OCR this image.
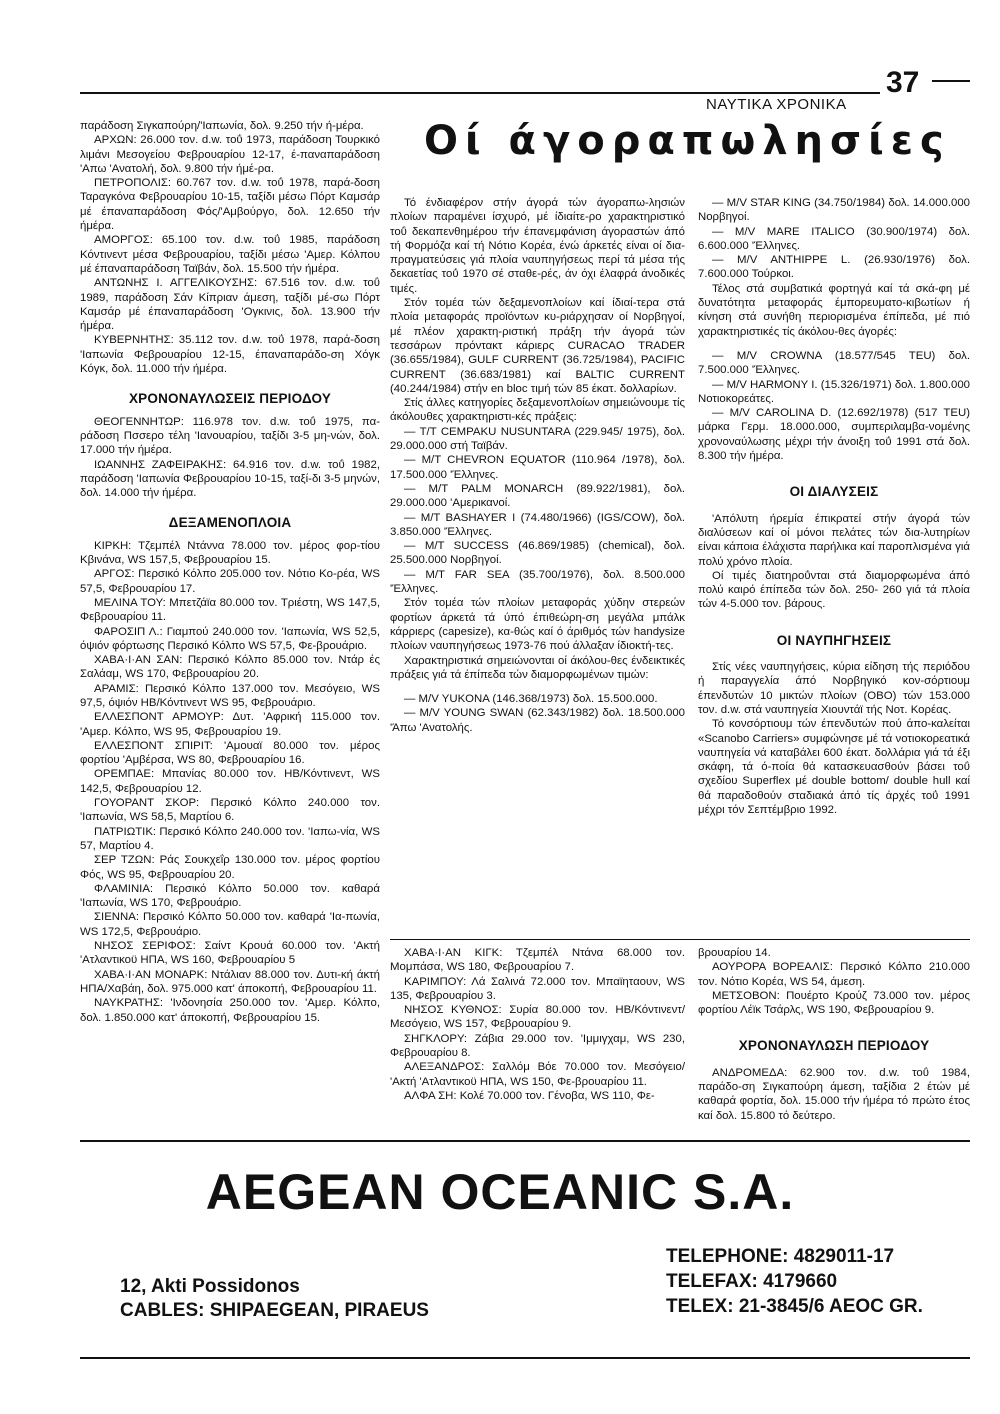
ΝΑΥΤΙΚΑ ΧΡΟΝΙΚΑ
37
Οί άγοραπωλησίες

παράδοση Σιγκαπούρη/'Ιαπωνία, δολ. 9.250 τήν ή-μέρα.

ΑΡΧΩΝ: 26.000 τον. d.w. τοΰ 1973, παράδοση Τουρκικό λιμάνι Μεσογείου Φεβρουαρίου 12-17, έ-παναπαράδοση 'Απω 'Ανατολή, δολ. 9.800 τήν ήμέ-ρα.

ΠΕΤΡΟΠΟΛΙΣ: 60.767 τον. d.w. τοΰ 1978, παρά-δοση Ταραγκόνα Φεβρουαρίου 10-15, ταξίδι μέσω Πόρτ Καμσάρ μέ έπαναπαράδοση Φός/'Αμβούργο, δολ. 12.650 τήν ήμέρα.

ΑΜΟΡΓΟΣ: 65.100 τον. d.w. τοΰ 1985, παράδοση Κόντινεντ μέσα Φεβρουαρίου, ταξίδι μέσω 'Αμερ. Κόλπου μέ έπαναπαράδοση Ταϊβάν, δολ. 15.500 τήν ήμέρα.

ΑΝΤΩΝΗΣ Ι. ΑΓΓΕΛΙΚΟΥΣΗΣ: 67.516 τον. d.w. τοΰ 1989, παράδοση Σάν Κίπριαν άμεση, ταξίδι μέ-σω Πόρτ Καμσάρ μέ έπαναπαράδοση 'Ογκινις, δολ. 13.900 τήν ήμέρα.

ΚΥΒΕΡΝΗΤΗΣ: 35.112 τον. d.w. τοΰ 1978, παρά-δοση 'Ιαπωνία Φεβρουαρίου 12-15, έπαναπαράδο-ση Χόγκ Κόγκ, δολ. 11.000 τήν ήμέρα.

ΧΡΟΝΟΝΑΥΛΩΣΕΙΣ ΠΕΡΙΟΔΟΥ

ΘΕΟΓΕΝΝΗΤΩΡ: 116.978 τον. d.w. τοΰ 1975, πα-ράδοση Πσσερο τέλη 'Ιανουαρίου, ταξίδι 3-5 μη-νών, δολ. 17.000 τήν ήμέρα.

ΙΩΑΝΝΗΣ ΖΑΦΕΙΡΑΚΗΣ: 64.916 τον. d.w. τοΰ 1982, παράδοση 'Ιαπωνία Φεβρουαρίου 10-15, ταξί-δι 3-5 μηνών, δολ. 14.000 τήν ήμέρα.

ΔΕΞΑΜΕΝΟΠΛΟΙΑ

ΚΙΡΚΗ: Τζεμπέλ Ντάννα 78.000 τον. μέρος φορ-τίου Κβινάνα, WS 157,5, Φεβρουαρίου 15.

ΑΡΓΟΣ: Περσικό Κόλπο 205.000 τον. Νότιο Κο-ρέα, WS 57,5, Φεβρουαρίου 17.

ΜΕΛΙΝΑ ΤΟΥ: Μπετζάϊα 80.000 τον. Τριέστη, WS 147,5, Φεβρουαρίου 11.

ΦΑΡΟΣΙΠ Λ.: Γιαμπού 240.000 τον. 'Ιαπωνία, WS 52,5, όψιόν φόρτωσης Περσικό Κόλπο WS 57,5, Φε-βρουάριο.

ΧΑΒΑ·Ι·ΑΝ ΣΑΝ: Περσικό Κόλπο 85.000 τον. Ντάρ ές Σαλάαμ, WS 170, Φεβρουαρίου 20.

ΑΡΑΜΙΣ: Περσικό Κόλπο 137.000 τον. Μεσόγειο, WS 97,5, όψιόν ΗΒ/Κόντινεντ WS 95, Φεβρουάριο.

ΕΛΛΕΣΠΟΝΤ ΑΡΜΟΥΡ: Δυτ. 'Αφρική 115.000 τον. 'Αμερ. Κόλπο, WS 95, Φεβρουαρίου 19.

ΕΛΛΕΣΠΟΝΤ ΣΠΙΡΙΤ: 'Αμουαϊ 80.000 τον. μέρος φορτίου 'Αμβέρσα, WS 80, Φεβρουαρίου 16.

ΟΡΕΜΠΑΕ: Μπανίας 80.000 τον. ΗΒ/Κόντινεντ, WS 142,5, Φεβρουαρίου 12.

ΓΟΥΟΡΑΝΤ ΣΚΟΡ: Περσικό Κόλπο 240.000 τον. 'Ιαπωνία, WS 58,5, Μαρτίου 6.

ΠΑΤΡΙΩΤΙΚ: Περσικό Κόλπο 240.000 τον. 'Ιαπω-νία, WS 57, Μαρτίου 4.

ΣΕΡ ΤΖΩΝ: Ράς Σουκχεΐρ 130.000 τον. μέρος φορτίου Φός, WS 95, Φεβρουαρίου 20.

ΦΛΑΜΙΝΙΑ: Περσικό Κόλπο 50.000 τον. καθαρά 'Ιαπωνία, WS 170, Φεβρουάριο.

ΣΙΕΝΝΑ: Περσικό Κόλπο 50.000 τον. καθαρά 'Ια-πωνία, WS 172,5, Φεβρουάριο.

ΝΗΣΟΣ ΣΕΡΙΦΟΣ: Σαίντ Κρουά 60.000 τον. 'Ακτή 'Ατλαντικοϋ ΗΠΑ, WS 160, Φεβρουαρίου 5

ΧΑΒΑ·Ι·ΑΝ ΜΟΝΑΡΚ: Ντάλιαν 88.000 τον. Δυτι-κή άκτή ΗΠΑ/Χαβάη, δολ. 975.000 κατ' άποκοπή, Φεβρουαρίου 11.

ΝΑΥΚΡΑΤΗΣ: 'Ινδονησία 250.000 τον. 'Αμερ. Κόλπο, δολ. 1.850.000 κατ' άποκοπή, Φεβρουαρίου 15.

Τό ένδιαφέρον στήν άγορά τών άγοραπω-λησιών πλοίων παραμένει ίσχυρό, μέ ίδιαίτε-ρο χαρακτηριστικό τοΰ δεκαπενθημέρου τήν έπανεμφάνιση άγοραστών άπό τή Φορμόζα καί τή Νότιο Κορέα, ένώ άρκετές είναι οί δια-πραγματεύσεις γιά πλοία ναυπηγήσεως περί τά μέσα τής δεκαετίας τοΰ 1970 σέ σταθε-ρές, άν όχι έλαφρά άνοδικές τιμές.

Στόν τομέα τών δεξαμενοπλοίων καί ίδιαί-τερα στά πλοία μεταφοράς προϊόντων κυ-ριάρχησαν οί Νορβηγοί, μέ πλέον χαρακτη-ριστική πράξη τήν άγορά τών τεσσάρων πρόντακτ κάριερς CURACAO TRADER (36.655/1984), GULF CURRENT (36.725/1984), PACIFIC CURRENT (36.683/1981) καί BALTIC CURRENT (40.244/1984) στήν en bloc τιμή τών 85 έκατ. δολλαρίων.

Στίς άλλες κατηγορίες δεξαμενοπλοίων σημειώνουμε τίς άκόλουθες χαρακτηριστι-κές πράξεις:

— Τ/Τ CEMPAKU NUSUNTARA (229.945/ 1975), δολ. 29.000.000 στή Ταϊβάν.

— Μ/Τ CHEVRON EQUATOR (110.964 /1978), δολ. 17.500.000 'Έλληνες.

— Μ/Τ PALM MONARCH (89.922/1981), δολ. 29.000.000 'Αμερικανοί.

— Μ/Τ BASHAYER I (74.480/1966) (IGS/COW), δολ. 3.850.000 'Έλληνες.

— Μ/Τ SUCCESS (46.869/1985) (chemical), δολ. 25.500.000 Νορβηγοί.

— Μ/Τ FAR SEA (35.700/1976), δολ. 8.500.000 'Έλληνες.

Στόν τομέα τών πλοίων μεταφοράς χύδην στερεών φορτίων άρκετά τά ύπό έπιθεώρη-ση μεγάλα μπάλκ κάρριερς (capesize), κα-θώς καί ό άριθμός τών handysize πλοίων ναυπηγήσεως 1973-76 πού άλλαξαν ίδιοκτή-τες.

Χαρακτηριστικά σημειώνονται οί άκόλου-θες ένδεικτικές πράξεις γιά τά έπίπεδα τών διαμορφωμένων τιμών:

— Μ/V YUKONA (146.368/1973) δολ. 15.500.000.

— Μ/V YOUNG SWAN (62.343/1982) δολ. 18.500.000 'Άπω 'Ανατολής.

— Μ/V STAR KING (34.750/1984) δολ. 14.000.000 Νορβηγοί.

— Μ/V MARE ITALICO (30.900/1974) δολ. 6.600.000 'Έλληνες.

— Μ/V ANTHIPPE L. (26.930/1976) δολ. 7.600.000 Τούρκοι.

Τέλος στά συμβατικά φορτηγά καί τά σκά-φη μέ δυνατότητα μεταφοράς έμπορευματο-κιβωτίων ή κίνηση στά συνήθη περιορισμένα έπίπεδα, μέ πιό χαρακτηριστικές τίς άκόλου-θες άγορές:

— Μ/V CROWNA (18.577/545 TEU) δολ. 7.500.000 'Έλληνες.

— Μ/V HARMONY I. (15.326/1971) δολ. 1.800.000 Νοτιοκορεάτες.

— Μ/V CAROLINA D. (12.692/1978) (517 TEU) μάρκα Γερμ. 18.000.000, συμπεριλαμβα-νομένης χρονοναύλωσης μέχρι τήν άνοιξη τοΰ 1991 στά δολ. 8.300 τήν ήμέρα.

ΟΙ ΔΙΑΛΥΣΕΙΣ

'Απόλυτη ήρεμία έπικρατεί στήν άγορά τών διαλύσεων καί οί μόνοι πελάτες τών δια-λυτηρίων είναι κάποια έλάχιστα παρήλικα καί παροπλισμένα γιά πολύ χρόνο πλοία.

Οί τιμές διατηροΰνται στά διαμορφωμένα άπό πολύ καιρό έπίπεδα τών δολ. 250- 260 γιά τά πλοία τών 4-5.000 τον. βάρους.

ΟΙ ΝΑΥΠΗΓΗΣΕΙΣ

Στίς νέες ναυπηγήσεις, κύρια είδηση τής περιόδου ή παραγγελία άπό Νορβηγικό κον-σόρτιουμ έπενδυτών 10 μικτών πλοίων (OBO) τών 153.000 τον. d.w. στά ναυπηγεία Χιουντάϊ τής Νοτ. Κορέας.

Τό κονσόρτιουμ τών έπενδυτών πού άπο-καλείται «Scanobo Carriers» συμφώνησε μέ τά νοτιοκορεατικά ναυπηγεία νά καταβάλει 600 έκατ. δολλάρια γιά τά έξι σκάφη, τά ό-ποία θά κατασκευασθούν βάσει τοΰ σχεδίου Superflex μέ double bottom/ double hull καί θά παραδοθούν σταδιακά άπό τίς άρχές τοΰ 1991 μέχρι τόν Σεπτέμβριο 1992.

ΧΑΒΑ·Ι·ΑΝ ΚΙΓΚ: Τζεμπέλ Ντάνα 68.000 τον. Μομπάσα, WS 180, Φεβρουαρίου 7.

ΚΑΡΙΜΠΟΥ: Λά Σαλινά 72.000 τον. Μπαϊηταουν, WS 135, Φεβρουαρίου 3.

ΝΗΣΟΣ ΚΥΘΝΟΣ: Συρία 80.000 τον. ΗΒ/Κόντινεντ/ Μεσόγειο, WS 157, Φεβρουαρίου 9.

ΣΗΓΚΛΟΡΥ: Ζάβια 29.000 τον. 'Ιμμιγχαμ, WS 230, Φεβρουαρίου 8.

ΑΛΕΞΑΝΔΡΟΣ: Σαλλόμ Βόε 70.000 τον. Μεσόγειο/ 'Ακτή 'Ατλαντικοϋ ΗΠΑ, WS 150, Φε-βρουαρίου 11.

ΑΛΦΑ ΣΗ: Κολέ 70.000 τον. Γένοβα, WS 110, Φε-

βρουαρίου 14.

ΑΟΥΡΟΡΑ ΒΟΡΕΑΛΙΣ: Περσικό Κόλπο 210.000 τον. Νότιο Κορέα, WS 54, άμεση.

ΜΕΤΣΟΒΟΝ: Πουέρτο Κρούζ 73.000 τον. μέρος φορτίου Λέϊκ Τσάρλς, WS 190, Φεβρουαρίου 9.

ΧΡΟΝΟΝΑΥΛΩΣΗ ΠΕΡΙΟΔΟΥ

ΑΝΔΡΟΜΕΔΑ: 62.900 τον. d.w. τοΰ 1984, παράδο-ση Σιγκαπούρη άμεση, ταξίδια 2 έτών μέ καθαρά φορτία, δολ. 15.000 τήν ήμέρα τό πρώτο έτος καί δολ. 15.800 τό δεύτερο.

AEGEAN OCEANIC S.A.
12, Akti Possidonos
CABLES: SHIPAEGEAN, PIRAEUS
TELEPHONE: 4829011-17
TELEFAX: 4179660
TELEX: 21-3845/6 AEOC GR.
